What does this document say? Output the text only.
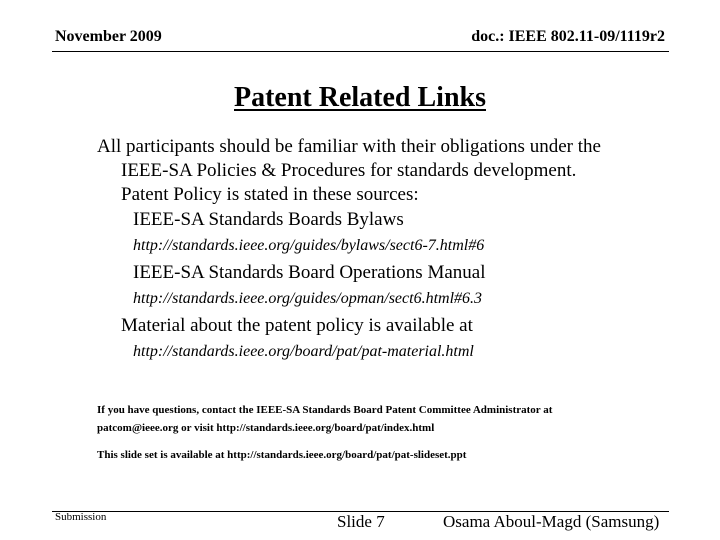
November 2009	doc.: IEEE 802.11-09/1119r2
Patent Related Links
All participants should be familiar with their obligations under the
IEEE-SA Policies & Procedures for standards development.
Patent Policy is stated in these sources:
IEEE-SA Standards Boards Bylaws
http://standards.ieee.org/guides/bylaws/sect6-7.html#6
IEEE-SA Standards Board Operations Manual
http://standards.ieee.org/guides/opman/sect6.html#6.3
Material about the patent policy is available at
http://standards.ieee.org/board/pat/pat-material.html
If you have questions, contact the IEEE-SA Standards Board Patent Committee Administrator at
patcom@ieee.org or visit http://standards.ieee.org/board/pat/index.html
This slide set is available at http://standards.ieee.org/board/pat/pat-slideset.ppt
Submission	Slide 7	Osama Aboul-Magd (Samsung)
